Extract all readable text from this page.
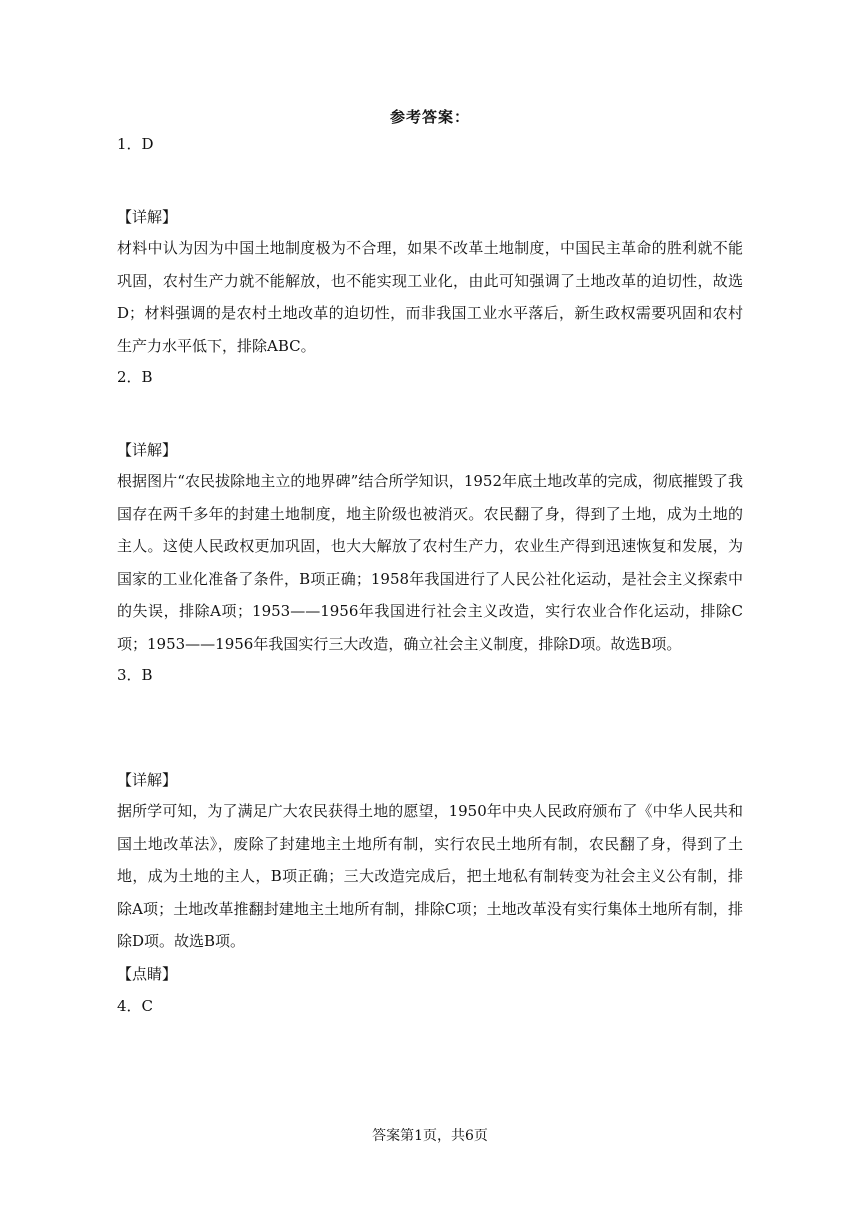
参考答案：
1．D
【详解】
材料中认为因为中国土地制度极为不合理，如果不改革土地制度，中国民主革命的胜利就不能巩固，农村生产力就不能解放，也不能实现工业化，由此可知强调了土地改革的迫切性，故选D；材料强调的是农村土地改革的迫切性，而非我国工业水平落后，新生政权需要巩固和农村生产力水平低下，排除ABC。
2．B
【详解】
根据图片“农民拔除地主立的地界碑”结合所学知识，1952年底土地改革的完成，彻底摧毁了我国存在两千多年的封建土地制度，地主阶级也被消灭。农民翻了身，得到了土地，成为土地的主人。这使人民政权更加巩固，也大大解放了农村生产力，农业生产得到迅速恢复和发展，为国家的工业化准备了条件，B项正确；1958年我国进行了人民公社化运动，是社会主义探索中的失误，排除A项；1953——1956年我国进行社会主义改造，实行农业合作化运动，排除C项；1953——1956年我国实行三大改造，确立社会主义制度，排除D项。故选B项。
3．B
【详解】
据所学可知，为了满足广大农民获得土地的愿望，1950年中央人民政府颁布了《中华人民共和国土地改革法》，废除了封建地主土地所有制，实行农民土地所有制，农民翻了身，得到了土地，成为土地的主人，B项正确；三大改造完成后，把土地私有制转变为社会主义公有制，排除A项；土地改革推翻封建地主土地所有制，排除C项；土地改革没有实行集体土地所有制，排除D项。故选B项。
【点睛】
4．C
答案第1页，共6页
